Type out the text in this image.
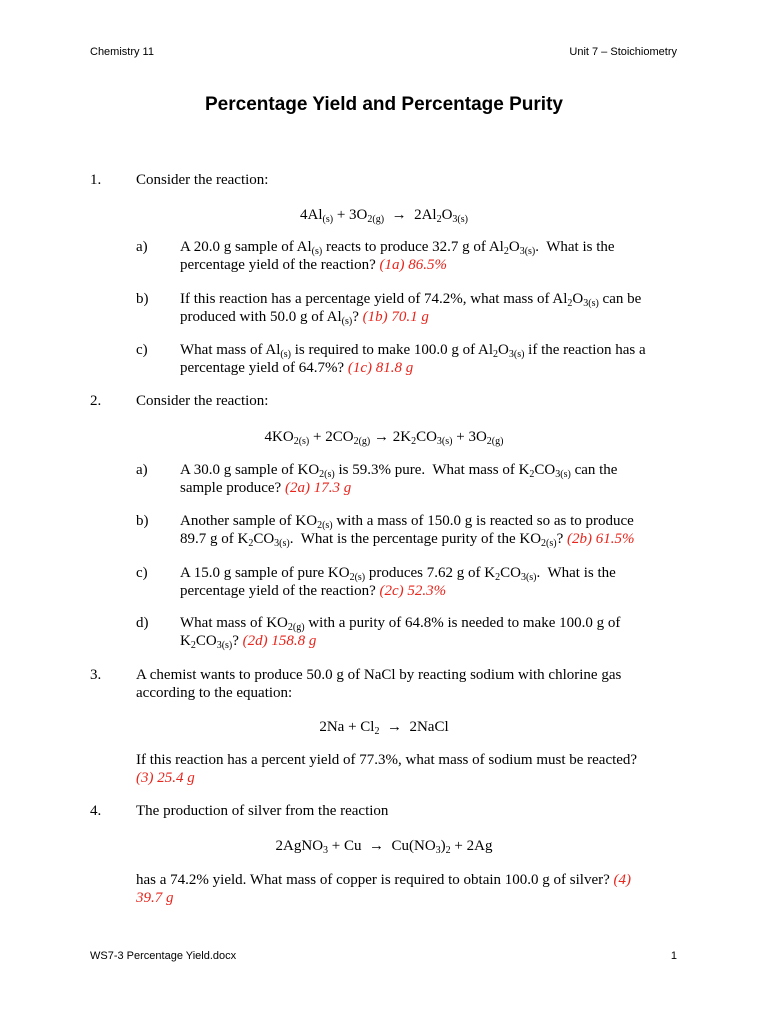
Chemistry 11	Unit 7 – Stoichiometry
Percentage Yield and Percentage Purity
1. Consider the reaction:
$4Al_{(s)} + 3O_{2(g)} \to 2Al_2O_{3(s)}$
a) A 20.0 g sample of $Al_{(s)}$ reacts to produce 32.7 g of $Al_2O_{3(s)}$.  What is the percentage yield of the reaction? (1a) 86.5%
b) If this reaction has a percentage yield of 74.2%, what mass of $Al_2O_{3(s)}$ can be produced with 50.0 g of $Al_{(s)}$? (1b) 70.1 g
c) What mass of $Al_{(s)}$ is required to make 100.0 g of $Al_2O_{3(s)}$ if the reaction has a percentage yield of 64.7%? (1c) 81.8 g
2. Consider the reaction:
$4KO_{2(s)} + 2CO_{2(g)} \to 2K_2CO_{3(s)} + 3O_{2(g)}$
a) A 30.0 g sample of $KO_{2(s)}$ is 59.3% pure.  What mass of $K_2CO_{3(s)}$ can the sample produce? (2a) 17.3 g
b) Another sample of $KO_{2(s)}$ with a mass of 150.0 g is reacted so as to produce 89.7 g of $K_2CO_{3(s)}$.  What is the percentage purity of the $KO_{2(s)}$? (2b) 61.5%
c) A 15.0 g sample of pure $KO_{2(s)}$ produces 7.62 g of $K_2CO_{3(s)}$.  What is the percentage yield of the reaction? (2c) 52.3%
d) What mass of $KO_{2(g)}$ with a purity of 64.8% is needed to make 100.0 g of $K_2CO_{3(s)}$? (2d) 158.8 g
3. A chemist wants to produce 50.0 g of NaCl by reacting sodium with chlorine gas according to the equation:
$2Na + Cl_2$  →  2NaCl
If this reaction has a percent yield of 77.3%, what mass of sodium must be reacted? (3) 25.4 g
4. The production of silver from the reaction
2AgNO$_3$ + $Cu \to Cu(NO_3)_2 + 2Ag$
has a 74.2% yield. What mass of copper is required to obtain 100.0 g of silver? (4) 39.7 g
WS7-3 Percentage Yield.docx	1
